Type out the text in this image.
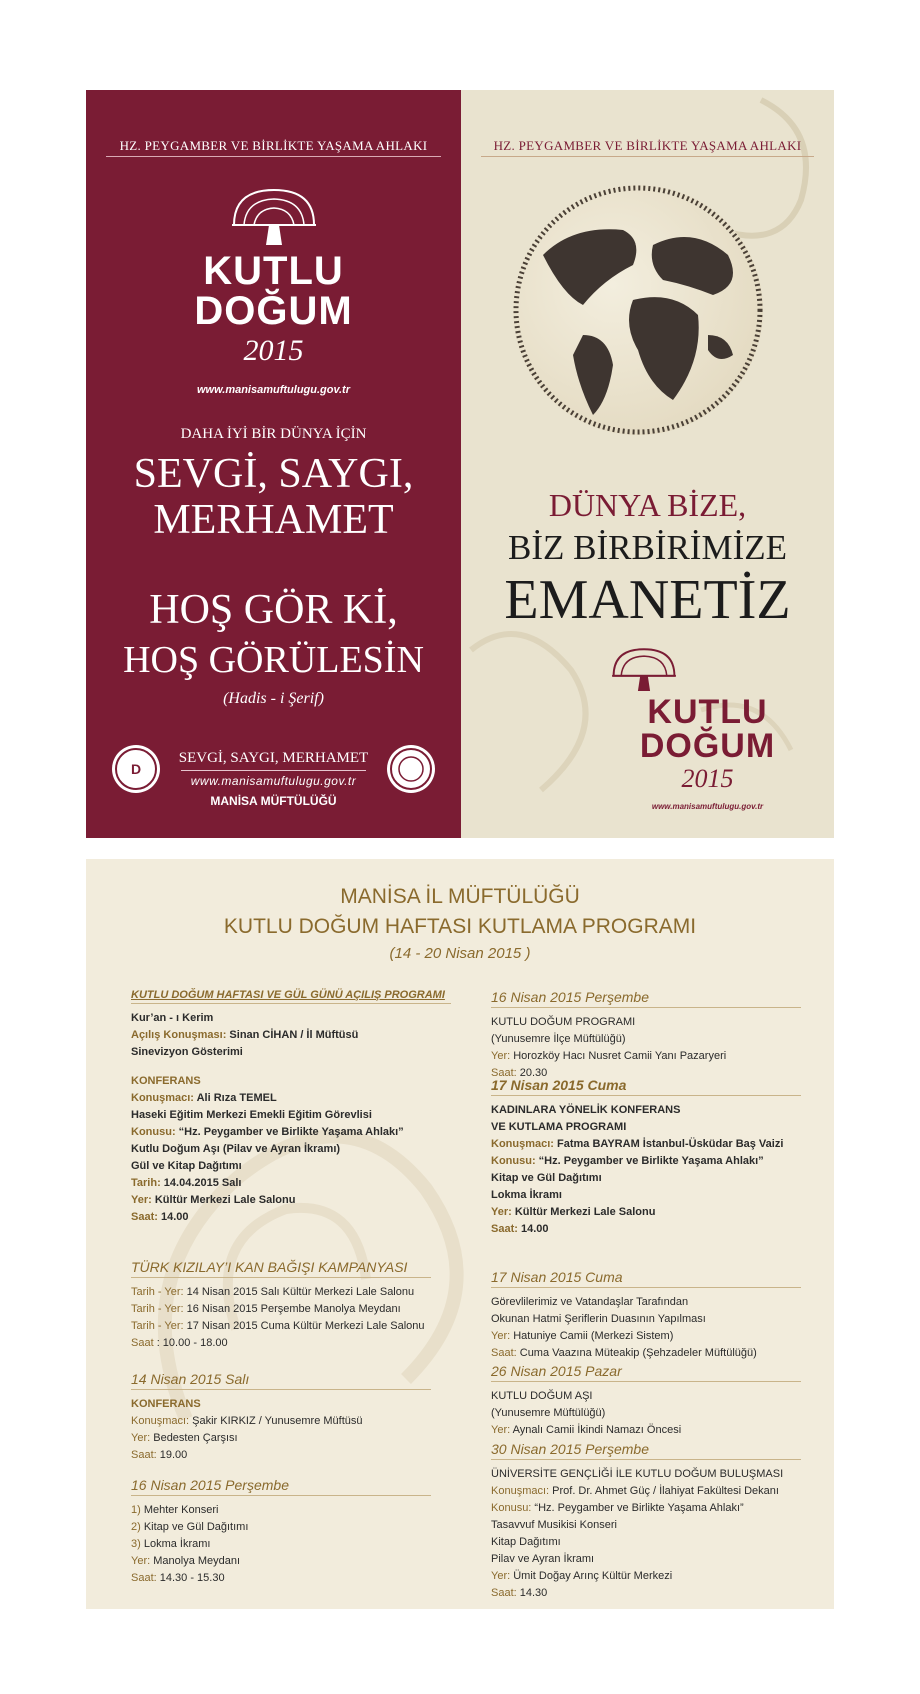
HZ. PEYGAMBER VE BİRLİKTE YAŞAMA AHLAKI
KUTLU
DOĞUM
2015
www.manisamuftulugu.gov.tr
DAHA İYİ BİR DÜNYA İÇİN
SEVGİ, SAYGI,
MERHAMET
HOŞ GÖR Kİ,
HOŞ GÖRÜLESİN
(Hadis - i Şerif)
D
SEVGİ, SAYGI, MERHAMET
www.manisamuftulugu.gov.tr
MANİSA MÜFTÜLÜĞÜ
HZ. PEYGAMBER VE BİRLİKTE YAŞAMA AHLAKI
DÜNYA BİZE,
BİZ BİRBİRİMİZE
EMANETİZ
KUTLU
DOĞUM
2015
www.manisamuftulugu.gov.tr
MANİSA İL MÜFTÜLÜĞÜ
KUTLU DOĞUM HAFTASI KUTLAMA PROGRAMI
(14 - 20 Nisan 2015 )
KUTLU DOĞUM HAFTASI VE GÜL GÜNÜ AÇILIŞ PROGRAMI
Kur’an - ı Kerim
Açılış Konuşması: Sinan CİHAN / İl Müftüsü
Sinevizyon Gösterimi
KONFERANS
Konuşmacı: Ali Rıza TEMEL
Haseki Eğitim Merkezi Emekli Eğitim Görevlisi
Konusu: “Hz. Peygamber ve Birlikte Yaşama Ahlakı”
Kutlu Doğum Aşı (Pilav ve Ayran İkramı)
Gül ve Kitap Dağıtımı
Tarih: 14.04.2015 Salı
Yer: Kültür Merkezi Lale Salonu
Saat: 14.00
TÜRK KIZILAY’I KAN BAĞIŞI KAMPANYASI
Tarih - Yer: 14 Nisan 2015 Salı Kültür Merkezi Lale Salonu
Tarih - Yer: 16 Nisan 2015 Perşembe Manolya Meydanı
Tarih - Yer: 17 Nisan 2015 Cuma Kültür Merkezi Lale Salonu
Saat : 10.00 - 18.00
14 Nisan 2015 Salı
KONFERANS
Konuşmacı: Şakir KIRKIZ / Yunusemre Müftüsü
Yer: Bedesten Çarşısı
Saat: 19.00
16 Nisan 2015 Perşembe
1) Mehter Konseri
2) Kitap ve Gül Dağıtımı
3) Lokma İkramı
Yer: Manolya Meydanı
Saat: 14.30 - 15.30
16 Nisan 2015 Perşembe
KUTLU DOĞUM PROGRAMI
(Yunusemre İlçe Müftülüğü)
Yer: Horozköy Hacı Nusret Camii Yanı Pazaryeri
Saat: 20.30
17 Nisan 2015 Cuma
KADINLARA YÖNELİK KONFERANS
VE KUTLAMA PROGRAMI
Konuşmacı: Fatma BAYRAM İstanbul-Üsküdar Baş Vaizi
Konusu: “Hz. Peygamber ve Birlikte Yaşama Ahlakı”
Kitap ve Gül Dağıtımı
Lokma İkramı
Yer: Kültür Merkezi Lale Salonu
Saat: 14.00
17 Nisan 2015 Cuma
Görevlilerimiz ve Vatandaşlar Tarafından
Okunan Hatmi Şeriflerin Duasının Yapılması
Yer: Hatuniye Camii (Merkezi Sistem)
Saat: Cuma Vaazına Müteakip (Şehzadeler Müftülüğü)
26 Nisan 2015 Pazar
KUTLU DOĞUM AŞI
(Yunusemre Müftülüğü)
Yer: Aynalı Camii İkindi Namazı Öncesi
30 Nisan 2015 Perşembe
ÜNİVERSİTE GENÇLİĞİ İLE KUTLU DOĞUM BULUŞMASI
Konuşmacı: Prof. Dr. Ahmet Güç / İlahiyat Fakültesi Dekanı
Konusu: “Hz. Peygamber ve Birlikte Yaşama Ahlakı”
Tasavvuf Musikisi Konseri
Kitap Dağıtımı
Pilav ve Ayran İkramı
Yer: Ümit Doğay Arınç Kültür Merkezi
Saat: 14.30
